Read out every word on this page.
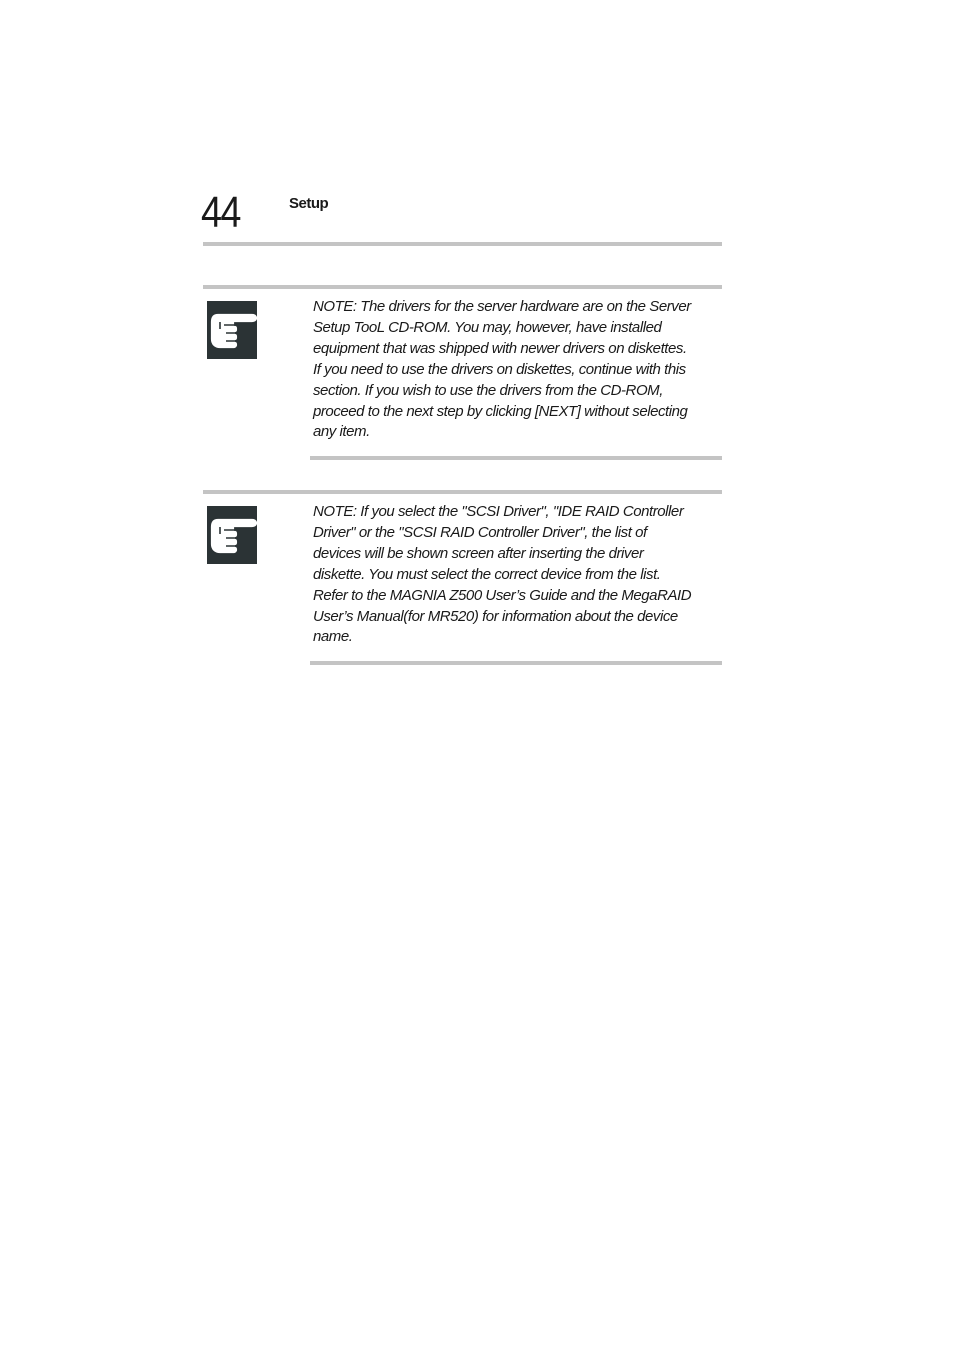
44	Setup

NOTE: The drivers for the server hardware are on the Server
Setup TooL CD-ROM. You may, however, have installed
equipment that was shipped with newer drivers on diskettes.
If you need to use the drivers on diskettes, continue with this
section. If you wish to use the drivers from the CD-ROM,
proceed to the next step by clicking [NEXT] without selecting
any item.

NOTE: If you select the "SCSI Driver", "IDE RAID Controller
Driver" or the "SCSI RAID Controller Driver", the list of
devices will be shown screen after inserting the driver
diskette. You must select the correct device from the list.
Refer to the MAGNIA Z500 User’s Guide and the MegaRAID
User’s Manual(for MR520) for information about the device
name.
